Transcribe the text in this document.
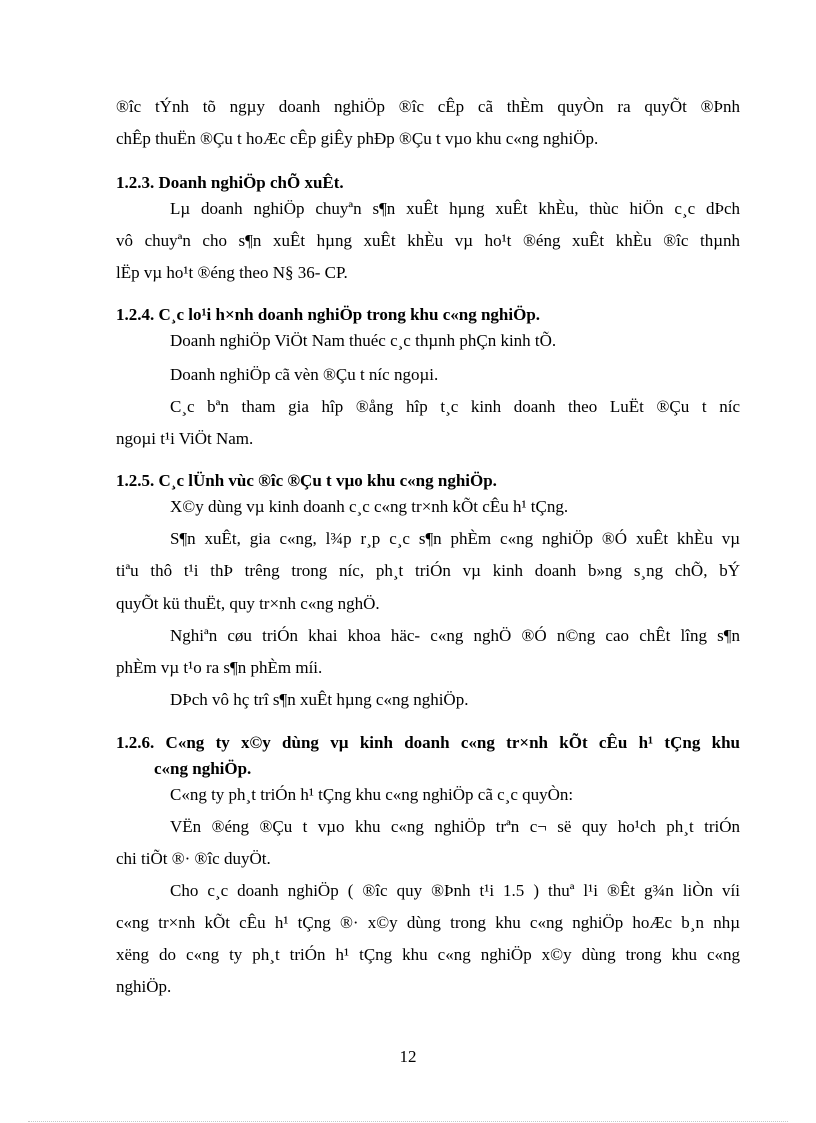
®îc tÝnh tõ ngµy doanh nghiÖp ®îc cÊp cã thÈm quyÒn ra quyÕt ®Þnh
chÊp thuËn ®Çu t hoÆc cÊp giÊy phÐp ®Çu t vµo khu c«ng nghiÖp.
1.2.3. Doanh nghiÖp chÕ xuÊt.
Lµ doanh nghiÖp chuyªn s¶n xuÊt hµng xuÊt khÈu, thùc hiÖn c¸c dÞch
vô chuyªn cho s¶n xuÊt hµng xuÊt khÈu vµ ho¹t ®éng xuÊt khÈu ®îc thµnh
lËp vµ ho¹t ®éng theo N§ 36- CP.
1.2.4. C¸c lo¹i h×nh doanh nghiÖp trong khu c«ng nghiÖp.
Doanh nghiÖp ViÖt Nam thuéc c¸c thµnh phÇn kinh tÕ.
Doanh nghiÖp cã vèn ®Çu t níc ngoµi.
C¸c bªn tham gia hîp ®ång hîp t¸c kinh doanh theo LuËt ®Çu t níc
ngoµi t¹i ViÖt Nam.
1.2.5. C¸c lÜnh vùc ®îc ®Çu t vµo khu c«ng nghiÖp.
X©y dùng vµ kinh doanh c¸c c«ng tr×nh kÕt cÊu h¹ tÇng.
S¶n xuÊt, gia c«ng, l¾p r¸p c¸c s¶n phÈm c«ng nghiÖp ®Ó xuÊt khÈu vµ
tiªu thô t¹i thÞ trêng trong níc, ph¸t triÓn vµ kinh doanh b»ng s¸ng chÕ, bÝ
quyÕt kü thuËt, quy tr×nh c«ng nghÖ.
Nghiªn cøu triÓn khai khoa häc- c«ng nghÖ ®Ó n©ng cao chÊt lîng s¶n
phÈm vµ t¹o ra s¶n phÈm míi.
DÞch vô hç trî s¶n xuÊt hµng c«ng nghiÖp.
1.2.6. C«ng ty x©y dùng vµ kinh doanh c«ng tr×nh kÕt cÊu h¹ tÇng khu
c«ng nghiÖp.
C«ng ty ph¸t triÓn h¹ tÇng khu c«ng nghiÖp cã c¸c quyÒn:
VËn ®éng ®Çu t vµo khu c«ng nghiÖp trªn c¬ së quy ho¹ch ph¸t triÓn
chi tiÕt ®· ®îc duyÖt.
Cho c¸c doanh nghiÖp ( ®îc quy ®Þnh t¹i 1.5 ) thuª l¹i ®Êt g¾n liÒn víi
c«ng tr×nh kÕt cÊu h¹ tÇng ®· x©y dùng trong khu c«ng nghiÖp hoÆc b¸n nhµ
xëng do c«ng ty ph¸t triÓn h¹ tÇng khu c«ng nghiÖp x©y dùng trong khu c«ng
nghiÖp.
12
